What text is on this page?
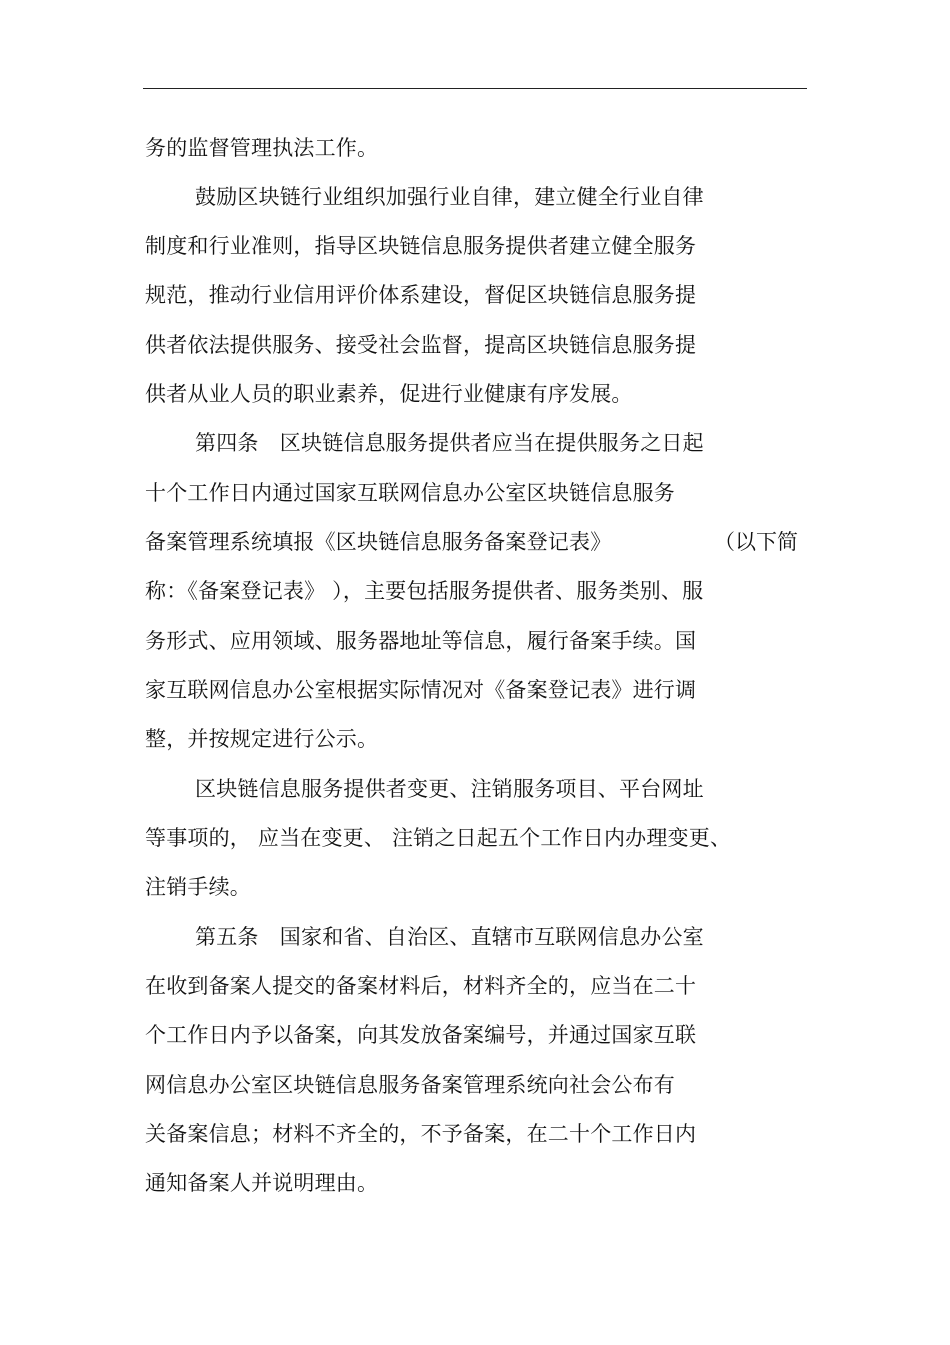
务的监督管理执法工作。
鼓励区块链行业组织加强行业自律，建立健全行业自律
制度和行业准则，指导区块链信息服务提供者建立健全服务
规范，推动行业信用评价体系建设，督促区块链信息服务提
供者依法提供服务、接受社会监督，提高区块链信息服务提
供者从业人员的职业素养，促进行业健康有序发展。
第四条　区块链信息服务提供者应当在提供服务之日起
十个工作日内通过国家互联网信息办公室区块链信息服务
备案管理系统填报《区块链信息服务备案登记表》	（以下简
称：《备案登记表》 ），主要包括服务提供者、服务类别、服
务形式、应用领域、服务器地址等信息，履行备案手续。国
家互联网信息办公室根据实际情况对《备案登记表》进行调
整，并按规定进行公示。
区块链信息服务提供者变更、注销服务项目、平台网址
等事项的， 应当在变更、 注销之日起五个工作日内办理变更、
注销手续。
第五条　国家和省、自治区、直辖市互联网信息办公室
在收到备案人提交的备案材料后，材料齐全的，应当在二十
个工作日内予以备案，向其发放备案编号，并通过国家互联
网信息办公室区块链信息服务备案管理系统向社会公布有
关备案信息；材料不齐全的，不予备案，在二十个工作日内
通知备案人并说明理由。
